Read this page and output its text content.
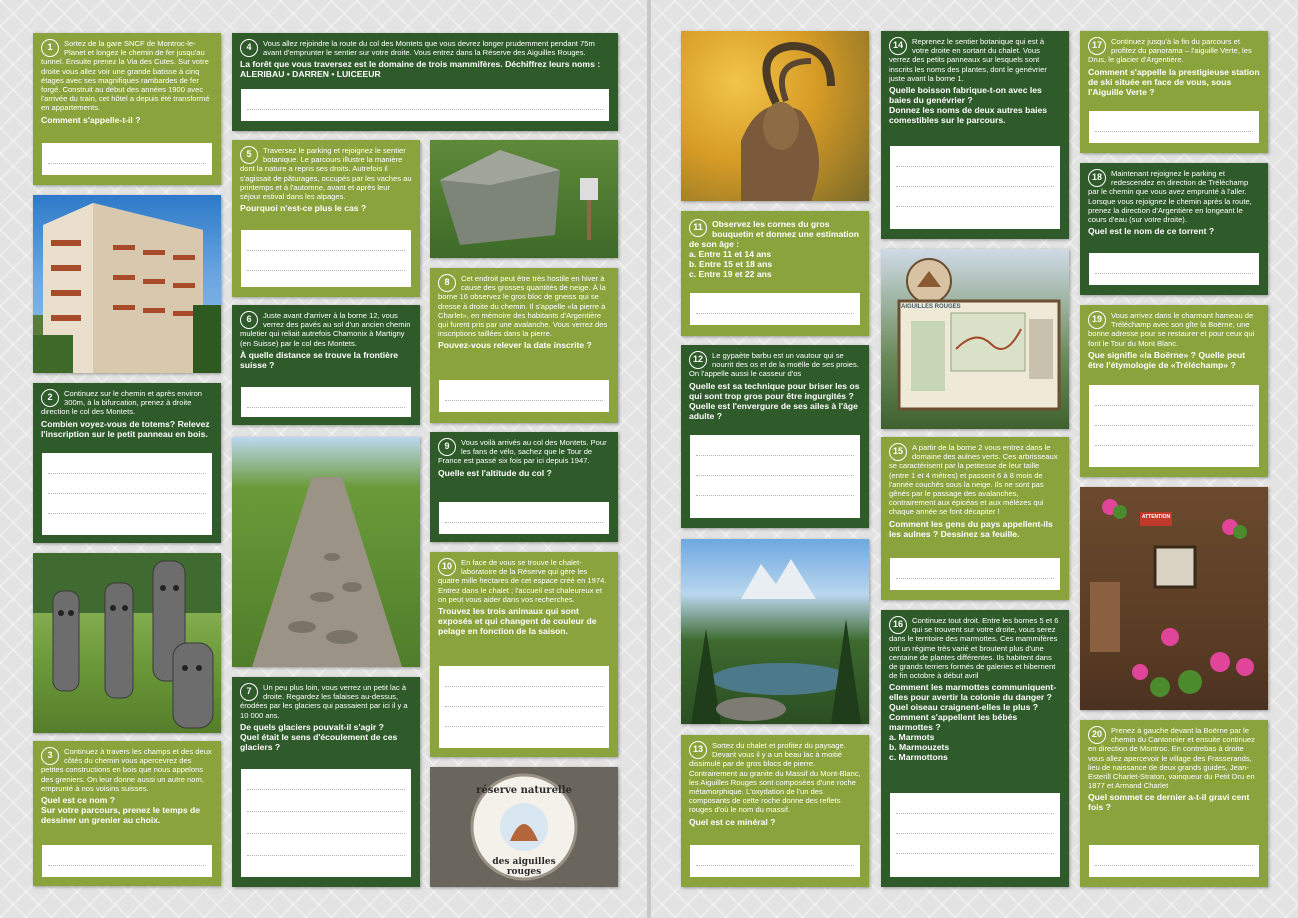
1	Sortez de la gare SNCF de Montroc-le-Planet et longez le chemin de fer jusqu'au tunnel. Ensuite prenez la Via des Cutes. Sur votre droite vous allez voir une grande batisse à cinq étages avec ses magnifiques rambardes de fer forgé. Construit au début des années 1900 avec l'arrivée du train, cet hôtel a depuis été transformé en appartements.
Comment s'appelle-t-il ?
2	Continuez sur le chemin et après environ 300m, à la bifurcation, prenez à droite direction le col des Montets.
Combien voyez-vous de totems? Relevez l'inscription sur le petit panneau en bois.
3	Continuez à travers les champs et des deux côtés du chemin vous apercevrez des petites constructions en bois que nous appelons des greniers. On leur donne aussi un autre nom, emprunté à nos voisins suisses.
Quel est ce nom ?
Sur votre parcours, prenez le temps de dessiner un grenier au choix.
4	Vous allez rejoindre la route du col des Montets que vous devrez longer prudemment pendant 75m avant d'emprunter le sentier sur votre droite. Vous entrez dans la Réserve des Aiguilles Rouges.
La forêt que vous traversez est le domaine de trois mammifères. Déchiffrez leurs noms : ALERIBAU • DARREN • LUICEEUR
5	Traversez le parking et rejoignez le sentier botanique. Le parcours illustre la manière dont la nature a repris ses droits. Autrefois il s'agissait de pâturages, occupés par les vaches au printemps et à l'automne, avant et après leur séjour estival dans les alpages.
Pourquoi n'est-ce plus le cas ?
6	Juste avant d'arriver à la borne 12, vous verrez des pavés au sol d'un ancien chemin muletier qui reliait autrefois Chamonix à Martigny (en Suisse) par le col des Montets.
À quelle distance se trouve la frontière suisse ?
7	Un peu plus loin, vous verrez un petit lac à droite. Regardez les falaises au-dessus, érodées par les glaciers qui passaient par ici il y a 10 000 ans.
De quels glaciers pouvait-il s'agir ?
Quel était le sens d'écoulement de ces glaciers ?
8	Cet endroit peut être très hostile en hiver à cause des grosses quantités de neige. À la borne 16 observez le gros bloc de gneiss qui se dresse à droite du chemin. Il s'appelle «la pierre à Charlet», en mémoire des habitants d'Argentière qui furent pris par une avalanche. Vous verrez des inscriptions taillées dans la pierre.
Pouvez-vous relever la date inscrite ?
9	Vous voilà arrivés au col des Montets. Pour les fans de vélo, sachez que le Tour de France est passé six fois par ici depuis 1947.
Quelle est l'altitude du col ?
10	En face de vous se trouve le chalet-laboratoire de la Réserve qui gère les quatre mille hectares de cet espace créé en 1974. Entrez dans le chalet ; l'accueil est chaleureux et on peut vous aider dans vos recherches.
Trouvez les trois animaux qui sont exposés et qui changent de couleur de pelage en fonction de la saison.
réserve naturelle
des aiguilles rouges
11	Observez les cornes du gros bouquetin et donnez une estimation de son âge :
a. Entre 11 et 14 ans
b. Entre 15 et 18 ans
c. Entre 19 et 22 ans
12	Le gypaète barbu est un vautour qui se nourrit des os et de la moëlle de ses proies. On l'appelle aussi le casseur d'os
Quelle est sa technique pour briser les os qui sont trop gros pour être ingurgités ?
Quelle est l'envergure de ses ailes à l'âge adulte ?
13	Sortez du chalet et profitez du paysage. Devant vous il y a un beau lac à moitié dissimulé par de gros blocs de pierre. Contrairement au granite du Massif du Mont-Blanc, les Aiguilles Rouges sont composées d'une roche métamorphique. L'oxydation de l'un des composants de cette roche donne des reflets rouges d'où le nom du massif.
Quel est ce minéral ?
14	Reprenez le sentier botanique qui est à votre droite en sortant du chalet. Vous verrez des petits panneaux sur lesquels sont inscrits les noms des plantes, dont le genévrier juste avant la borne 1.
Quelle boisson fabrique-t-on avec les baies du genévrier ?
Donnez les noms de deux autres baies comestibles sur le parcours.
AIGUILLES ROUGES
15	A partir de la borne 2 vous entrez dans le domaine des aulnes verts. Ces arbrisseaux se caractérisent par la petitesse de leur taille (entre 1 et 4 mètres) et passent 6 à 8 mois de l'année couchés sous la neige. Ils ne sont pas gênés par le passage des avalanches, contrairement aux épicéas et aux mélèzes qui chaque année se font décapiter !
Comment les gens du pays appellent-ils les aulnes ? Dessinez sa feuille.
16	Continuez tout droit. Entre les bornes 5 et 6 qui se trouvent sur votre droite, vous serez dans le territoire des marmottes. Ces mammifères ont un régime très varié et broutent plus d'une centaine de plantes différentes. Ils habitent dans de grands terriers formés de galeries et hibernent de fin octobre à début avril
Comment les marmottes communiquent-elles pour avertir la colonie du danger ?
Quel oiseau craignent-elles le plus ?
Comment s'appellent les bébés marmottes ?
a. Marmots
b. Marmouzets
c. Marmottons
17	Continuez jusqu'à la fin du parcours et profitez du panorama – l'aiguille Verte, les Drus, le glacier d'Argentière.
Comment s'appelle la prestigieuse station de ski située en face de vous, sous l'Aiguille Verte ?
18	Maintenant rejoignez le parking et redescendez en direction de Tréléchamp par le chemin que vous avez emprunté à l'aller. Lorsque vous rejoignez le chemin après la route, prenez la direction d'Argentière en longeant le cours d'eau (sur votre droite).
Quel est le nom de ce torrent ?
19	Vous arrivez dans le charmant hameau de Tréléchamp avec son gîte la Boërne, une bonne adresse pour se restaurer et pour ceux qui font le Tour du Mont Blanc.
Que signifie «la Boërne» ? Quelle peut être l'étymologie de «Tréléchamp» ?
ATTENTION
20	Prenez à gauche devant la Boërne par le chemin du Cantonnier et ensuite continuez en direction de Montroc. En contrebas à droite vous allez apercevoir le village des Frasserands, lieu de naissance de deux grands guides, Jean-Esterill Charlet-Straton, vainqueur du Petit Dru en 1877 et Armand Charlet
Quel sommet ce dernier a-t-il gravi cent fois ?
